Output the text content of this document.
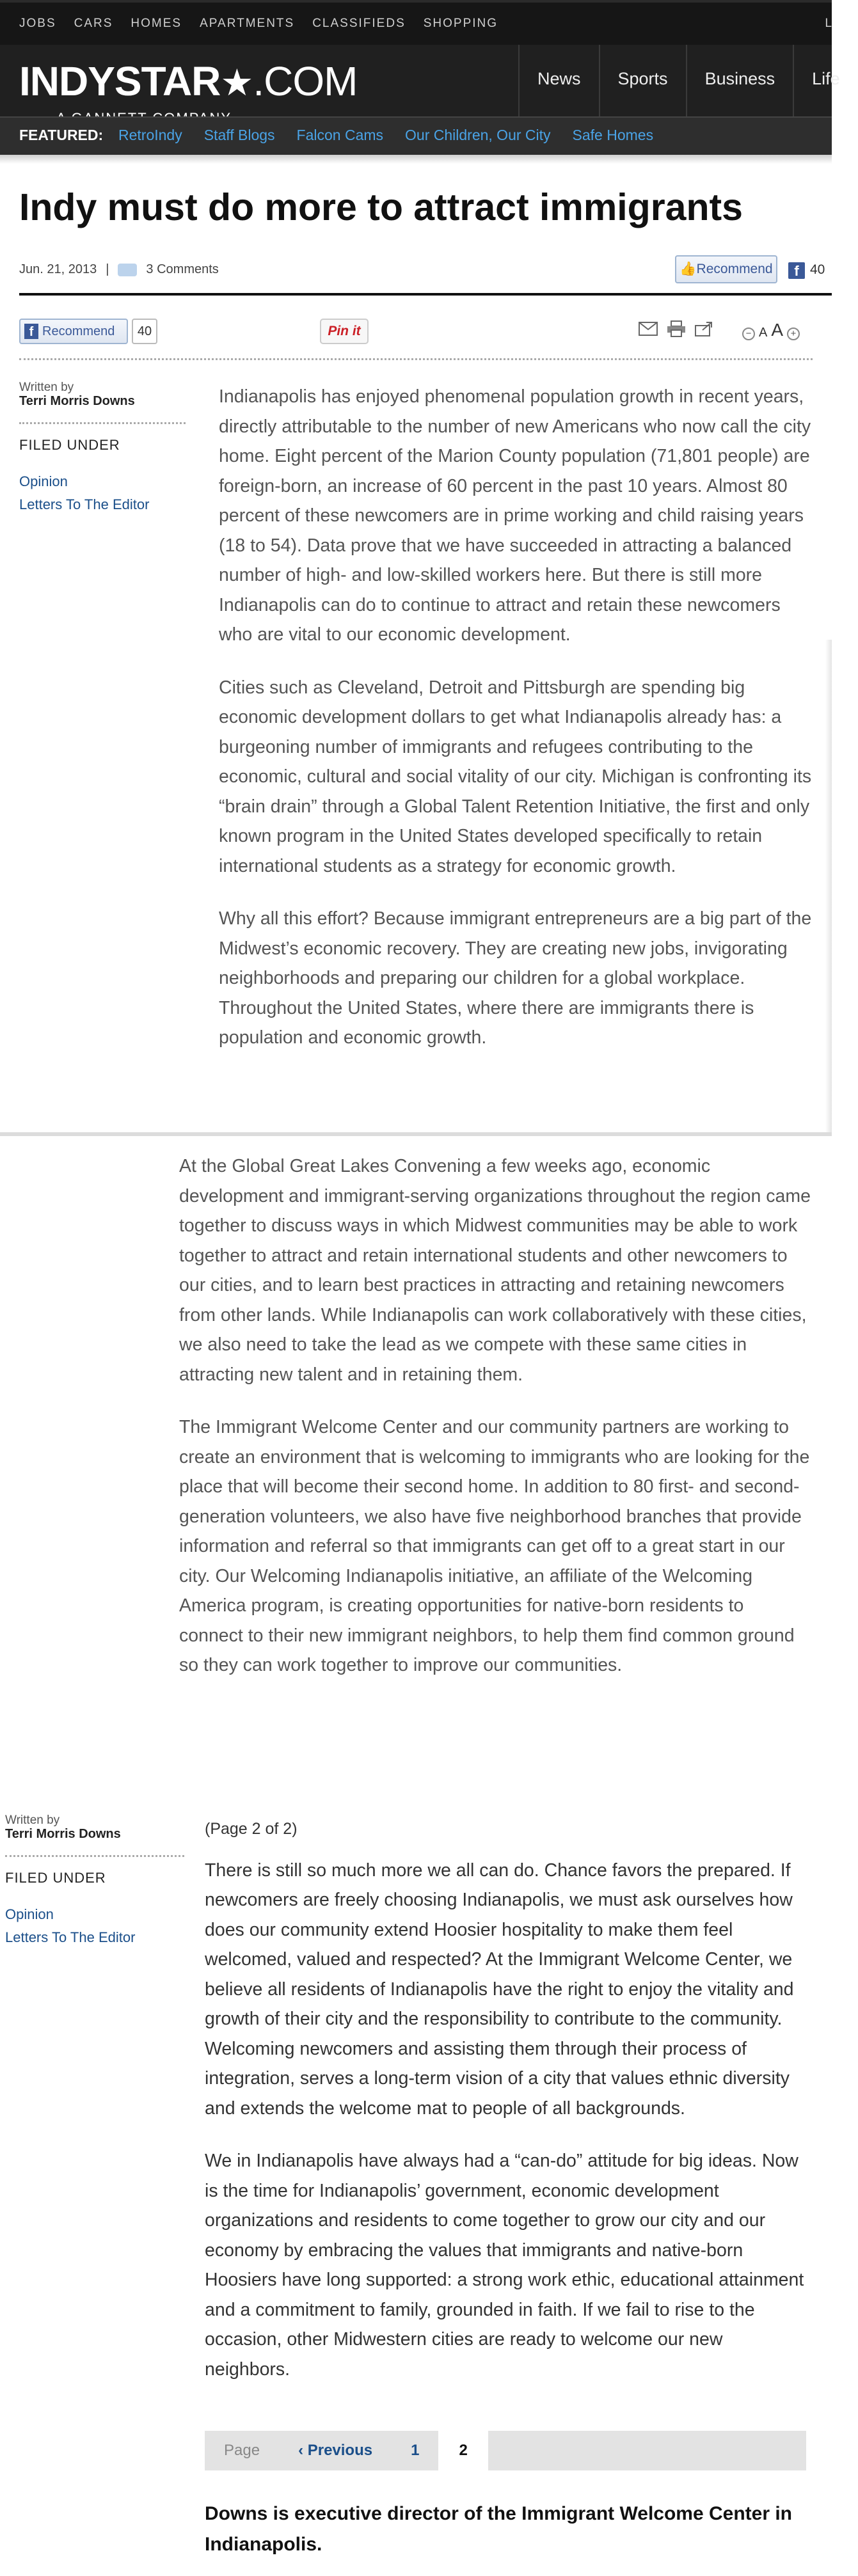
JOBS CARS HOMES APARTMENTS CLASSIFIEDS SHOPPING	L
INDYSTAR★.COM	News	Sports	Business	Life
FEATURED: RetroIndy Staff Blogs Falcon Cams Our Children, Our City Safe Homes
Indy must do more to attract immigrants
Jun. 21, 2013 |	3 Comments	👍Recommend	f 40
f Recommend	40	Pin it	− A A +
Written by
Terri Morris Downs
FILED UNDER
Opinion
Letters To The Editor

Indianapolis has enjoyed phenomenal population growth in recent years, directly attributable to the number of new Americans who now call the city home. Eight percent of the Marion County population (71,801 people) are foreign-born, an increase of 60 percent in the past 10 years. Almost 80 percent of these newcomers are in prime working and child raising years (18 to 54). Data prove that we have succeeded in attracting a balanced number of high- and low-skilled workers here. But there is still more Indianapolis can do to continue to attract and retain these newcomers who are vital to our economic development.

Cities such as Cleveland, Detroit and Pittsburgh are spending big economic development dollars to get what Indianapolis already has: a burgeoning number of immigrants and refugees contributing to the economic, cultural and social vitality of our city. Michigan is confronting its “brain drain” through a Global Talent Retention Initiative, the first and only known program in the United States developed specifically to retain international students as a strategy for economic growth.

Why all this effort? Because immigrant entrepreneurs are a big part of the Midwest’s economic recovery. They are creating new jobs, invigorating neighborhoods and preparing our children for a global workplace. Throughout the United States, where there are immigrants there is population and economic growth.

At the Global Great Lakes Convening a few weeks ago, economic development and immigrant-serving organizations throughout the region came together to discuss ways in which Midwest communities may be able to work together to attract and retain international students and other newcomers to our cities, and to learn best practices in attracting and retaining newcomers from other lands. While Indianapolis can work collaboratively with these cities, we also need to take the lead as we compete with these same cities in attracting new talent and in retaining them.

The Immigrant Welcome Center and our community partners are working to create an environment that is welcoming to immigrants who are looking for the place that will become their second home. In addition to 80 first- and second-generation volunteers, we also have five neighborhood branches that provide information and referral so that immigrants can get off to a great start in our city. Our Welcoming Indianapolis initiative, an affiliate of the Welcoming America program, is creating opportunities for native-born residents to connect to their new immigrant neighbors, to help them find common ground so they can work together to improve our communities.

Written by
Terri Morris Downs
FILED UNDER
Opinion
Letters To The Editor
(Page 2 of 2)

There is still so much more we all can do. Chance favors the prepared. If newcomers are freely choosing Indianapolis, we must ask ourselves how does our community extend Hoosier hospitality to make them feel welcomed, valued and respected? At the Immigrant Welcome Center, we believe all residents of Indianapolis have the right to enjoy the vitality and growth of their city and the responsibility to contribute to the community. Welcoming newcomers and assisting them through their process of integration, serves a long-term vision of a city that values ethnic diversity and extends the welcome mat to people of all backgrounds.

We in Indianapolis have always had a “can-do” attitude for big ideas. Now is the time for Indianapolis’ government, economic development organizations and residents to come together to grow our city and our economy by embracing the values that immigrants and native-born Hoosiers have long supported: a strong work ethic, educational attainment and a commitment to family, grounded in faith. If we fail to rise to the occasion, other Midwestern cities are ready to welcome our new neighbors.

Page	‹ Previous	1	2

Downs is executive director of the Immigrant Welcome Center in Indianapolis.
